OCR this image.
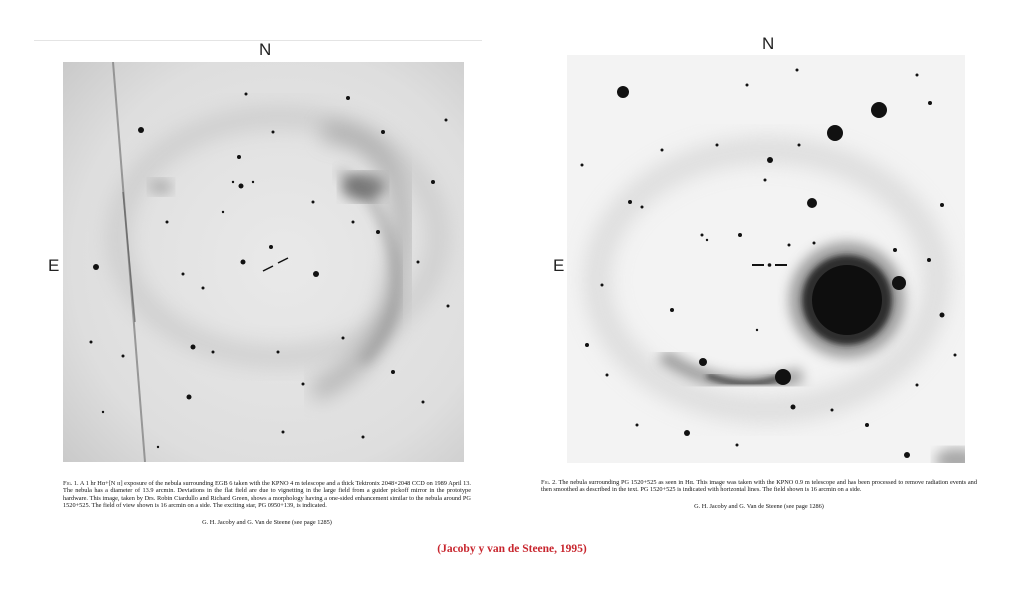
N
E
Fig. 1. A 1 hr Hα+[N ɪɪ] exposure of the nebula surrounding EGB 6 taken with the KPNO 4 m telescope and a thick Tektronix 2048×2048 CCD on 1989 April 13. The nebula has a diameter of 13.9 arcmin. Deviations in the flat field are due to vignetting in the large field from a guider pickoff mirror in the prototype hardware. This image, taken by Drs. Robin Ciardullo and Richard Green, shows a morphology having a one-sided enhancement similar to the nebula around PG 1520+525. The field of view shown is 16 arcmin on a side. The exciting star, PG 0950+139, is indicated.
G. H. Jacoby and G. Van de Steene (see page 1285)
N
E
Fig. 2. The nebula surrounding PG 1520+525 as seen in Hα. This image was taken with the KPNO 0.9 m telescope and has been processed to remove radiation events and then smoothed as described in the text. PG 1520+525 is indicated with horizontal lines. The field shown is 16 arcmin on a side.
G. H. Jacoby and G. Van de Steene (see page 1286)
(Jacoby y van de Steene, 1995)
